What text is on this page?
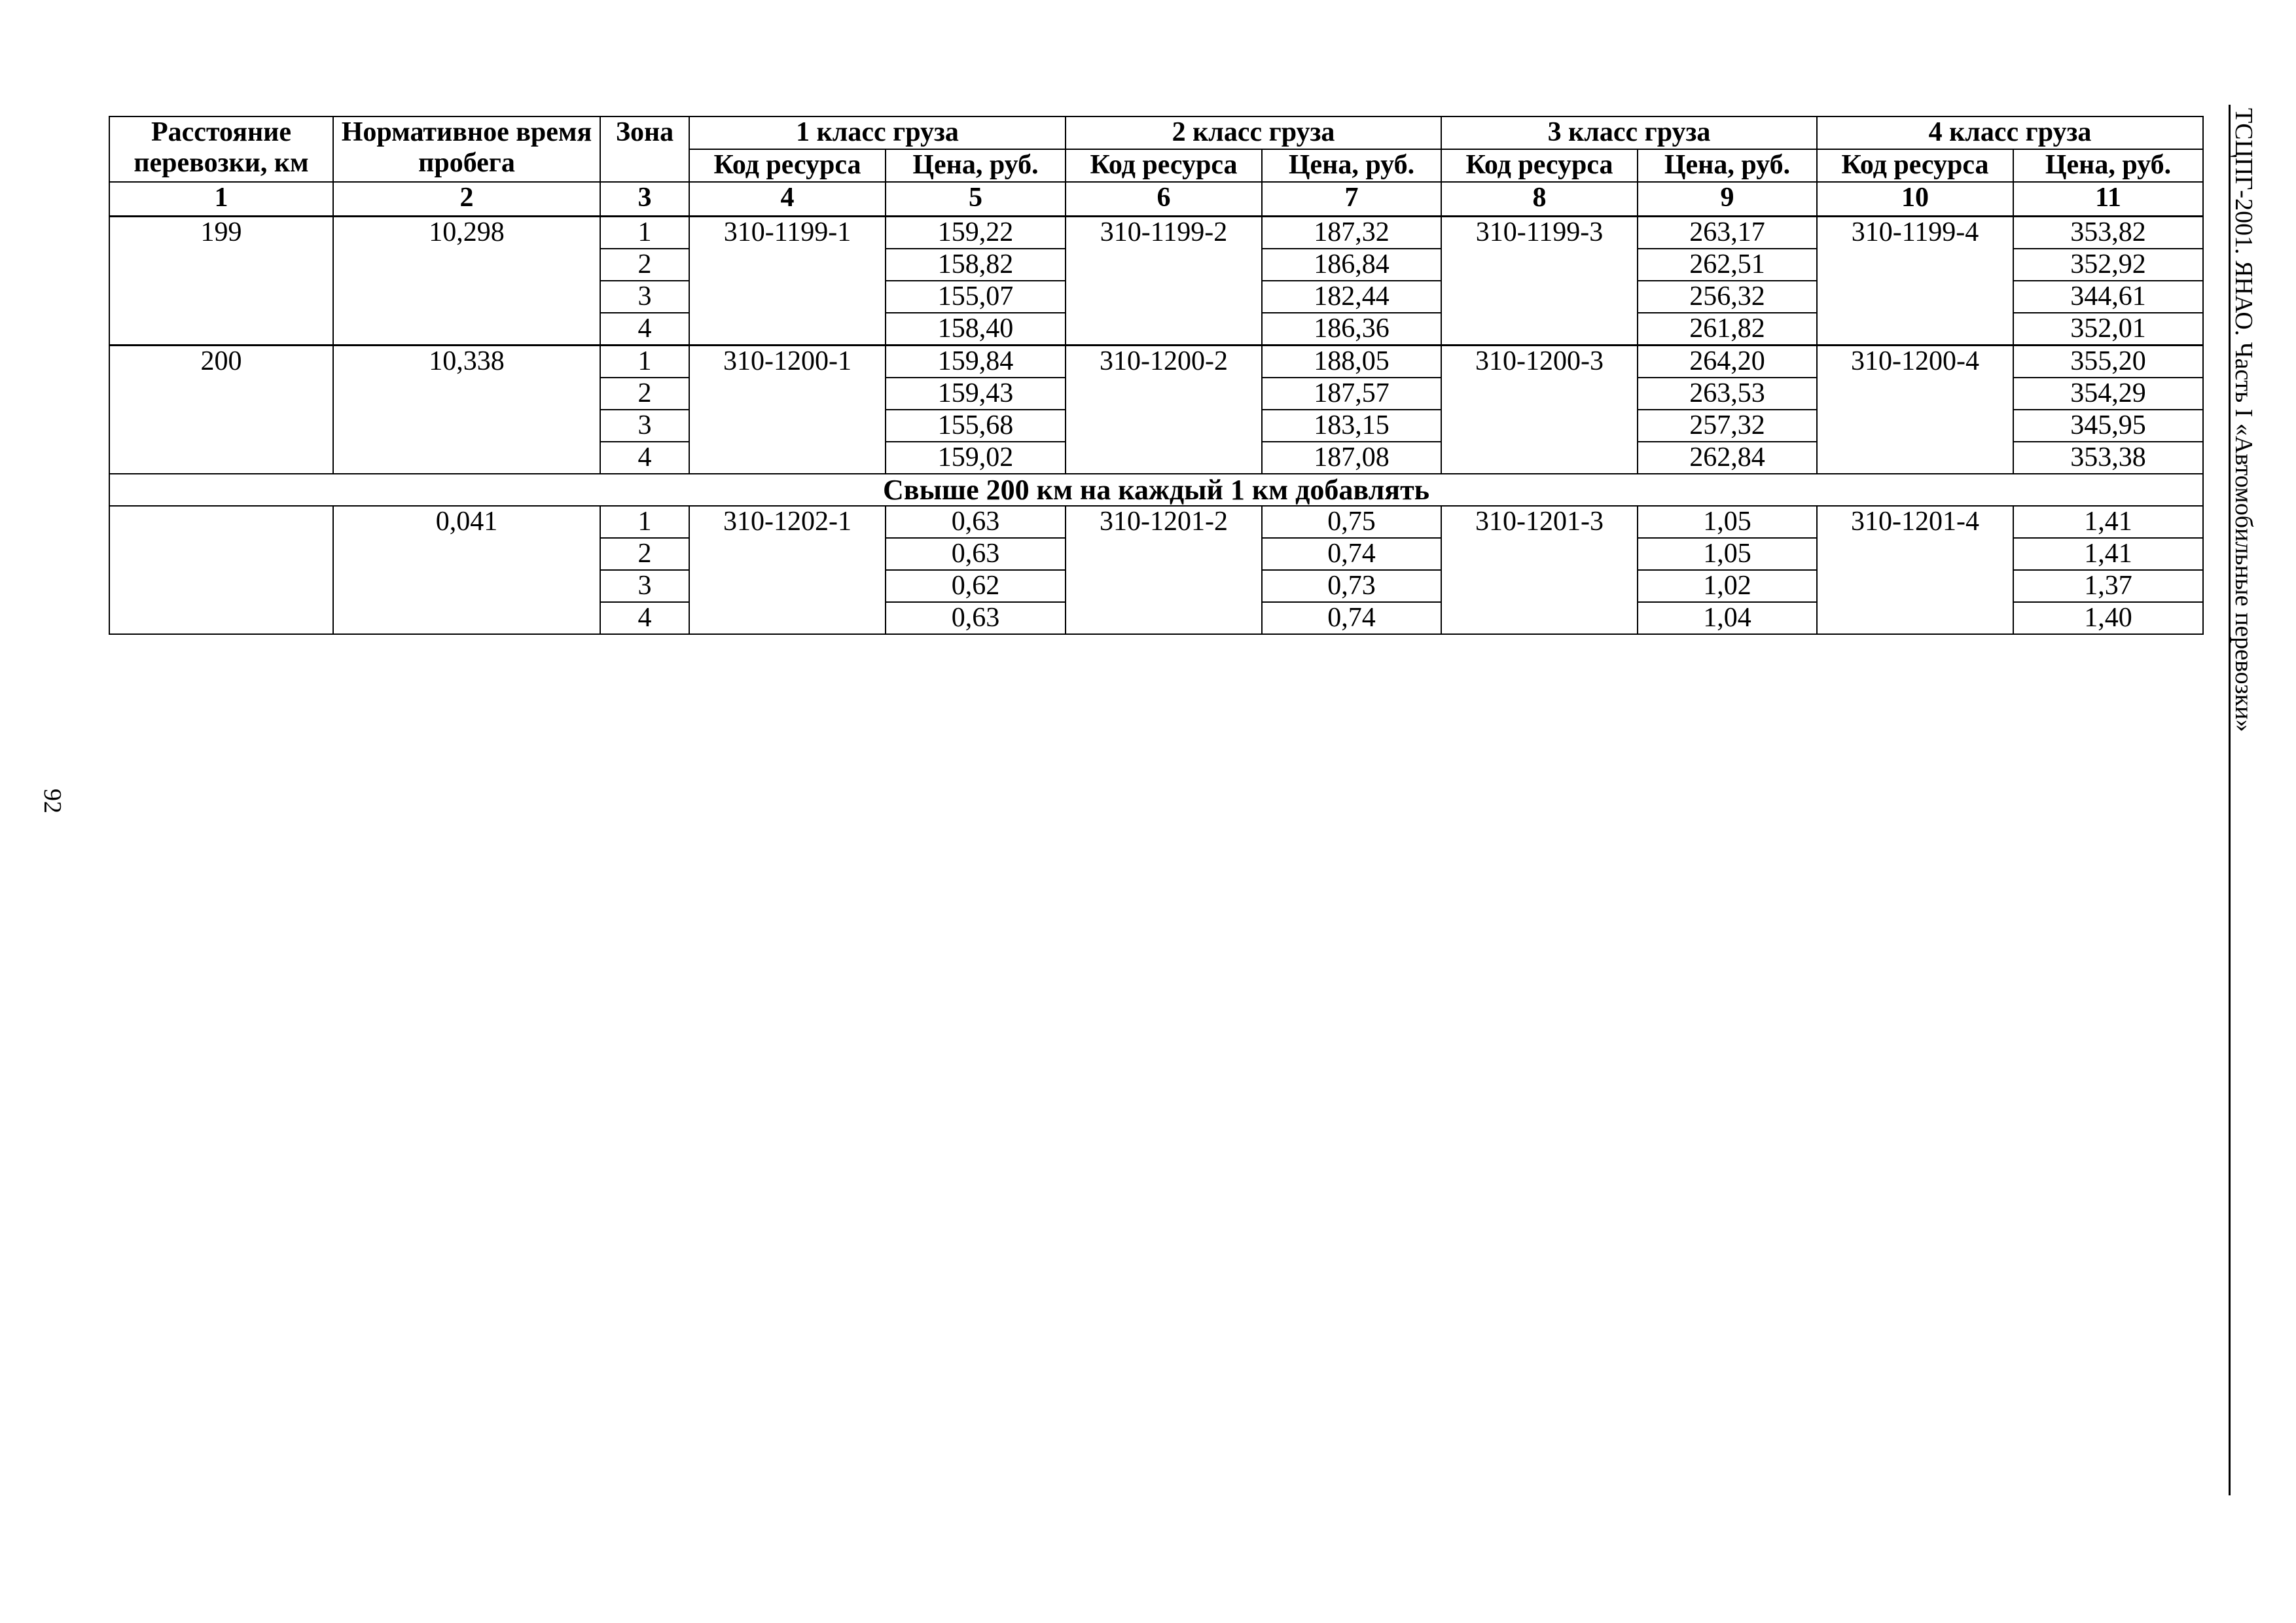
Расстояние перевозки, км	Нормативное время пробега	Зона	1 класс груза		2 класс груза		3 класс груза		4 класс груза	
			Код ресурса	Цена, руб.	Код ресурса	Цена, руб.	Код ресурса	Цена, руб.	Код ресурса	Цена, руб.
1	2	3	4	5	6	7	8	9	10	11
199	10,298	1	310-1199-1	159,22	310-1199-2	187,32	310-1199-3	263,17	310-1199-4	353,82
		2		158,82		186,84		262,51		352,92
		3		155,07		182,44		256,32		344,61
		4		158,40		186,36		261,82		352,01
200	10,338	1	310-1200-1	159,84	310-1200-2	188,05	310-1200-3	264,20	310-1200-4	355,20
		2		159,43		187,57		263,53		354,29
		3		155,68		183,15		257,32		345,95
		4		159,02		187,08		262,84		353,38
Свыше 200 км на каждый 1 км добавлять										
	0,041	1	310-1202-1	0,63	310-1201-2	0,75	310-1201-3	1,05	310-1201-4	1,41
		2		0,63		0,74		1,05		1,41
		3		0,62		0,73		1,02		1,37
		4		0,63		0,74		1,04		1,40	ТСЦПГ-2001. ЯНАО. Часть I «Автомобильные перевозки»
92
